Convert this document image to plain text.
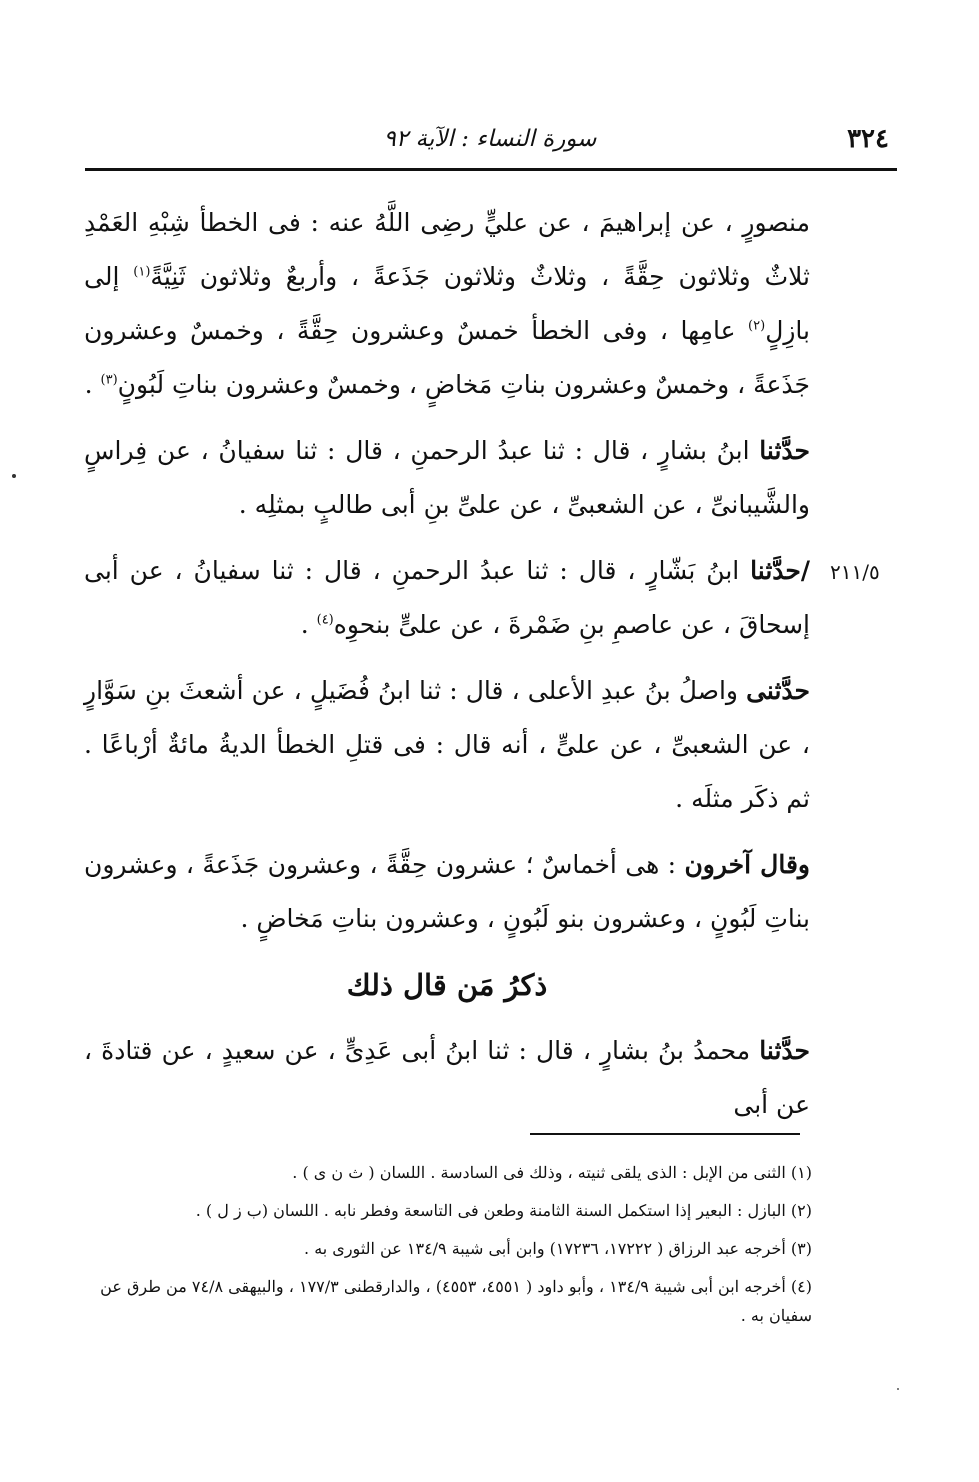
٣٢٤
سورة النساء : الآية ٩٢
٢١١/٥

منصورٍ ، عن إبراهيمَ ، عن عليٍّ رضِى اللَّهُ عنه : فى الخطأ شِبْهِ العَمْدِ ثلاثٌ وثلاثون حِقَّةً ، وثلاثٌ وثلاثون جَذَعةً ، وأربعٌ وثلاثون ثَنِيَّةً$^{(١)}$ إلى بازِلٍ$^{(٢)}$ عامِها ، وفى الخطأ خمسٌ وعشرون حِقَّةً ، وخمسٌ وعشرون جَذَعةً ، وخمسٌ وعشرون بناتِ مَخاضٍ ، وخمسٌ وعشرون بناتِ لَبُونٍ$^{(٣)}$ .

حدَّثنا ابنُ بشارٍ ، قال : ثنا عبدُ الرحمنِ ، قال : ثنا سفيانُ ، عن فِراسٍ والشَّيبانىِّ ، عن الشعبىِّ ، عن علىِّ بنِ أبى طالبٍ بمثلِه .

/حدَّثنا ابنُ بَشّارٍ ، قال : ثنا عبدُ الرحمنِ ، قال : ثنا سفيانُ ، عن أبى إسحاقَ ، عن عاصمِ بنِ ضَمْرةَ ، عن علىٍّ بنحوِه$^{(٤)}$ .

حدَّثنى واصلُ بنُ عبدِ الأعلى ، قال : ثنا ابنُ فُضَيلٍ ، عن أشعثَ بنِ سَوَّارٍ ، عن الشعبىِّ ، عن علىٍّ ، أنه قال : فى قتلِ الخطأ الديةُ مائةٌ أرْباعًا . ثم ذكَر مثلَه .

وقال آخرون : هى أخماسٌ ؛ عشرون حِقَّةً ، وعشرون جَذَعةً ، وعشرون بناتِ لَبُونٍ ، وعشرون بنو لَبُونٍ ، وعشرون بناتِ مَخاضٍ .

ذكرُ مَن قال ذلك

حدَّثنا محمدُ بنُ بشارٍ ، قال : ثنا ابنُ أبى عَدِىٍّ ، عن سعيدٍ ، عن قتادةَ ، عن أبى

(١) الثنى من الإبل : الذى يلقى ثنيته ، وذلك فى السادسة . اللسان ( ث ن ى ) .

(٢) البازل : البعير إذا استكمل السنة الثامنة وطعن فى التاسعة وفطر نابه . اللسان (ب ز ل ) .

(٣) أخرجه عبد الرزاق ( ١٧٢٢٢، ١٧٢٣٦) وابن أبى شيبة ١٣٤/٩ عن الثورى به .

(٤) أخرجه ابن أبى شيبة ١٣٤/٩ ، وأبو داود ( ٤٥٥١، ٤٥٥٣) ، والدارقطنى ١٧٧/٣ ، والبيهقى ٧٤/٨ من طرق عن سفيان به .
